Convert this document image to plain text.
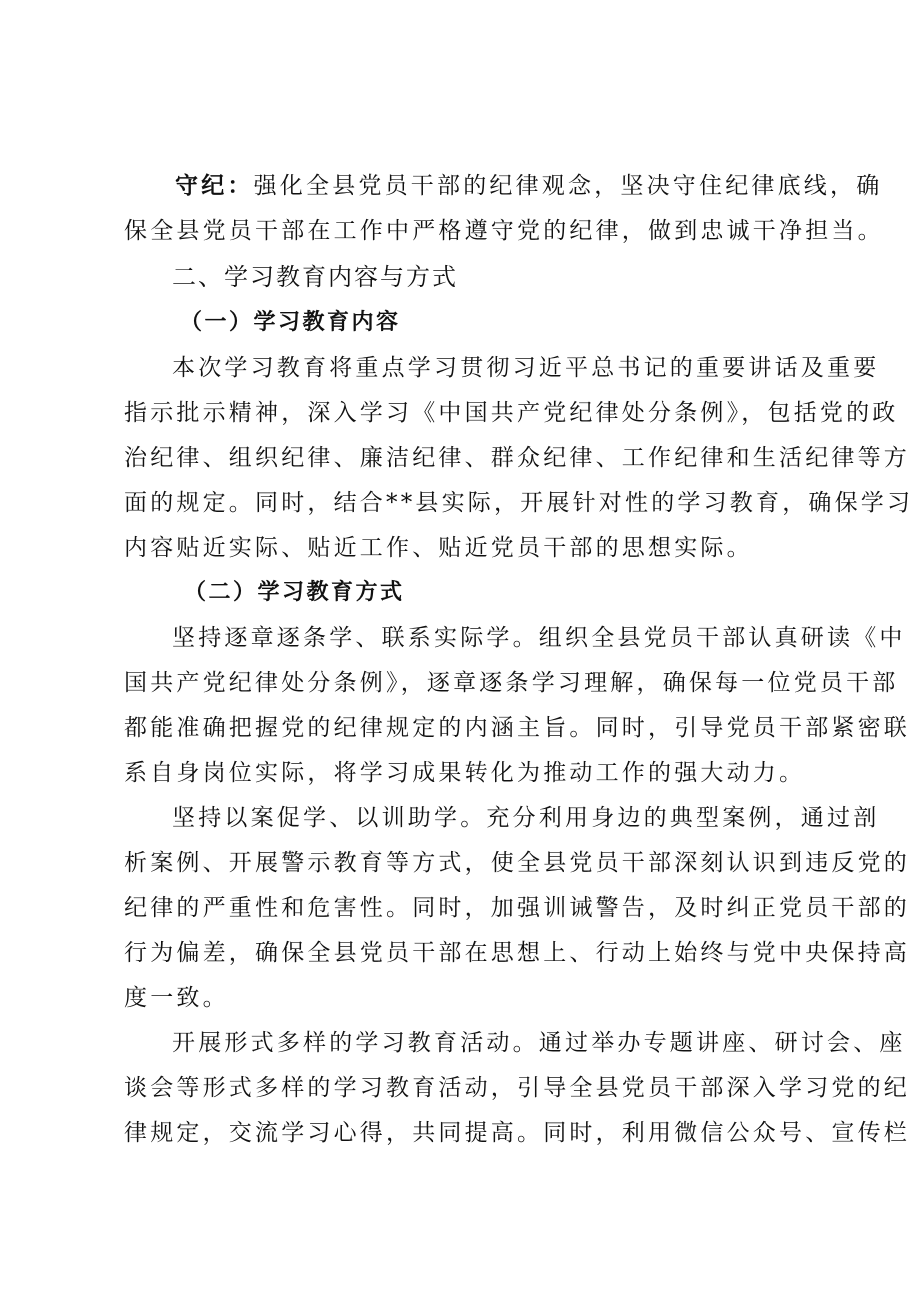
守纪：强化全县党员干部的纪律观念，坚决守住纪律底线，确
保全县党员干部在工作中严格遵守党的纪律，做到忠诚干净担当。
二、学习教育内容与方式
（一）学习教育内容
本次学习教育将重点学习贯彻习近平总书记的重要讲话及重要
指示批示精神，深入学习《中国共产党纪律处分条例》，包括党的政
治纪律、组织纪律、廉洁纪律、群众纪律、工作纪律和生活纪律等方
面的规定。同时，结合**县实际，开展针对性的学习教育，确保学习
内容贴近实际、贴近工作、贴近党员干部的思想实际。
（二）学习教育方式
坚持逐章逐条学、联系实际学。组织全县党员干部认真研读《中
国共产党纪律处分条例》，逐章逐条学习理解，确保每一位党员干部
都能准确把握党的纪律规定的内涵主旨。同时，引导党员干部紧密联
系自身岗位实际，将学习成果转化为推动工作的强大动力。
坚持以案促学、以训助学。充分利用身边的典型案例，通过剖
析案例、开展警示教育等方式，使全县党员干部深刻认识到违反党的
纪律的严重性和危害性。同时，加强训诫警告，及时纠正党员干部的
行为偏差，确保全县党员干部在思想上、行动上始终与党中央保持高
度一致。
开展形式多样的学习教育活动。通过举办专题讲座、研讨会、座
谈会等形式多样的学习教育活动，引导全县党员干部深入学习党的纪
律规定，交流学习心得，共同提高。同时，利用微信公众号、宣传栏
